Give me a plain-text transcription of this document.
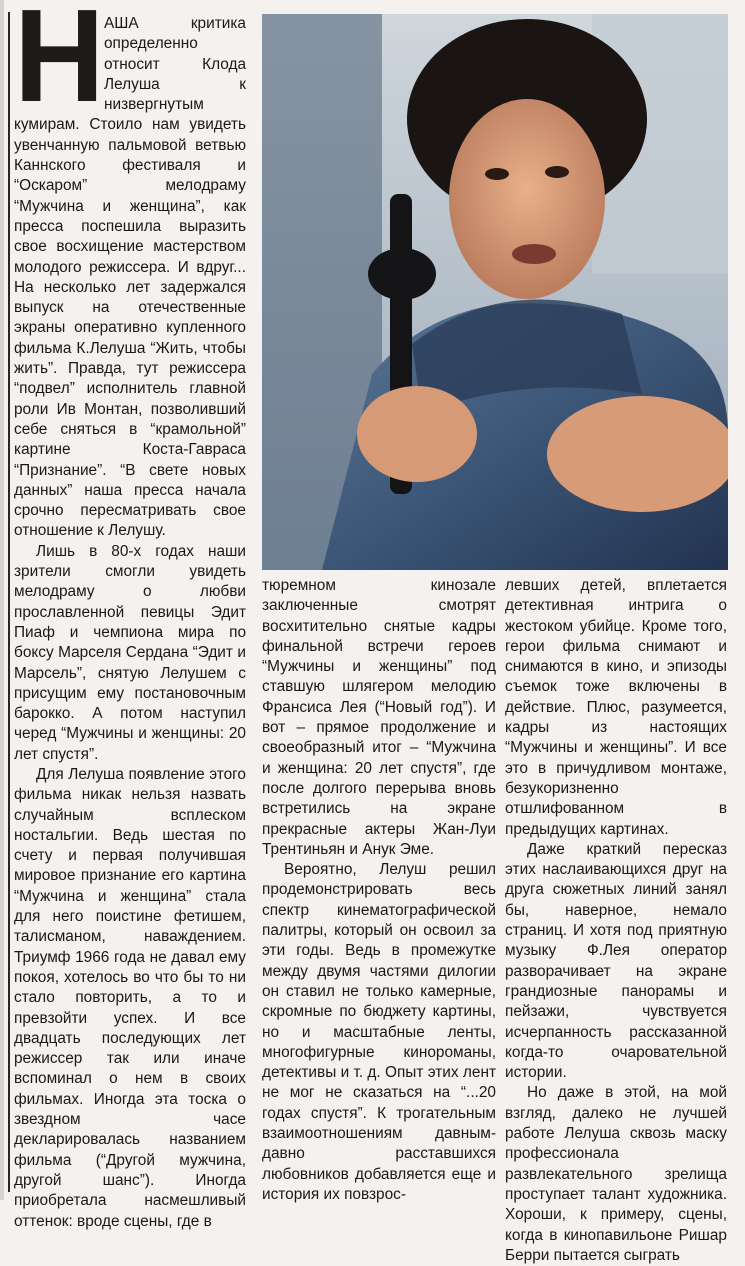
НАША критика определенно относит Клода Лелуша к низвергнутым кумирам. Стоило нам увидеть увенчанную пальмовой ветвью Каннского фестиваля и “Оскаром” мелодраму “Мужчина и женщина”, как пресса поспешила выразить свое восхищение мастерством молодого режиссера. И вдруг... На несколько лет задержался выпуск на отечественные экраны оперативно купленного фильма К.Лелуша “Жить, чтобы жить”. Правда, тут режиссера “подвел” исполнитель главной роли Ив Монтан, позволивший себе сняться в “крамольной” картине Коста-Гавраса “Признание”. “В свете новых данных” наша пресса начала срочно пересматривать свое отношение к Лелушу.

Лишь в 80-х годах наши зрители смогли увидеть мелодраму о любви прославленной певицы Эдит Пиаф и чемпиона мира по боксу Марселя Сердана “Эдит и Марсель”, снятую Лелушем с присущим ему постановочным барокко. А потом наступил черед “Мужчины и женщины: 20 лет спустя”.

Для Лелуша появление этого фильма никак нельзя назвать случайным всплеском ностальгии. Ведь шестая по счету и первая получившая мировое признание его картина “Мужчина и женщина” стала для него поистине фетишем, талисманом, наваждением. Триумф 1966 года не давал ему покоя, хотелось во что бы то ни стало повторить, а то и превзойти успех. И все двадцать последующих лет режиссер так или иначе вспоминал о нем в своих фильмах. Иногда эта тоска о звездном часе декларировалась названием фильма (“Другой мужчина, другой шанс”). Иногда приобретала насмешливый оттенок: вроде сцены, где в

тюремном кинозале заключенные смотрят восхитительно снятые кадры финальной встречи героев “Мужчины и женщины” под ставшую шлягером мелодию Франсиса Лея (“Новый год”). И вот – прямое продолжение и своеобразный итог – “Мужчина и женщина: 20 лет спустя”, где после долгого перерыва вновь встретились на экране прекрасные актеры Жан-Луи Трентиньян и Анук Эме.

Вероятно, Лелуш решил продемонстрировать весь спектр кинематографической палитры, который он освоил за эти годы. Ведь в промежутке между двумя частями дилогии он ставил не только камерные, скромные по бюджету картины, но и масштабные ленты, многофигурные кинороманы, детективы и т. д. Опыт этих лент не мог не сказаться на “...20 годах спустя”. К трогательным взаимоотношениям давным-давно расставшихся любовников добавляется еще и история их повзрос-

левших детей, вплетается детективная интрига о жестоком убийце. Кроме того, герои фильма снимают и снимаются в кино, и эпизоды съемок тоже включены в действие. Плюс, разумеется, кадры из настоящих “Мужчины и женщины”. И все это в причудливом монтаже, безукоризненно отшлифованном в предыдущих картинах.

Даже краткий пересказ этих наслаивающихся друг на друга сюжетных линий занял бы, наверное, немало страниц. И хотя под приятную музыку Ф.Лея оператор разворачивает на экране грандиозные панорамы и пейзажи, чувствуется исчерпанность рассказанной когда-то очаровательной истории.

Но даже в этой, на мой взгляд, далеко не лучшей работе Лелуша сквозь маску профессионала развлекательного зрелища проступает талант художника. Хороши, к примеру, сцены, когда в кинопавильоне Ришар Берри пытается сыграть
